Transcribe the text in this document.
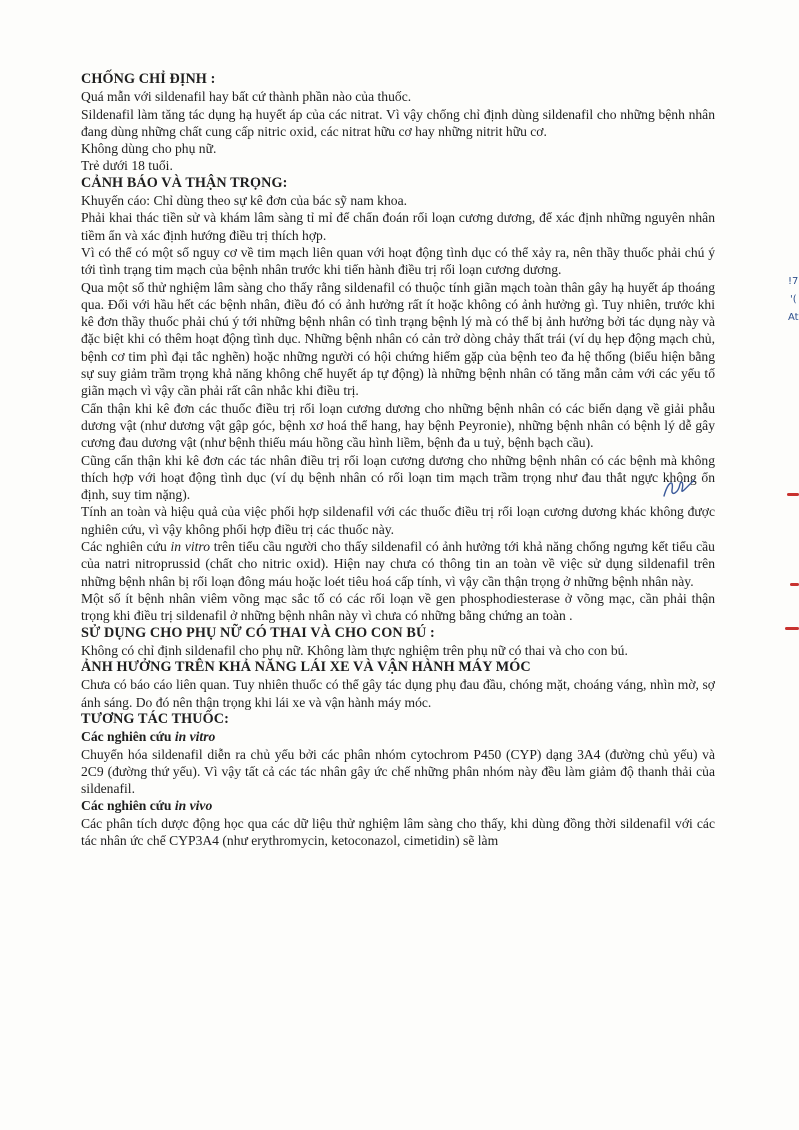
CHỐNG CHỈ ĐỊNH :

Quá mẫn với sildenafil hay bất cứ thành phần nào của thuốc.

Sildenafil làm tăng tác dụng hạ huyết áp của các nitrat. Vì vậy chống chỉ định dùng sildenafil cho những bệnh nhân đang dùng những chất cung cấp nitric oxid, các nitrat hữu cơ hay những nitrit hữu cơ.

Không dùng cho phụ nữ.

Trẻ dưới 18 tuổi.

CẢNH BÁO VÀ THẬN TRỌNG:

Khuyến cáo: Chỉ dùng theo sự kê đơn của bác sỹ nam khoa.

Phải khai thác tiền sử và khám lâm sàng tỉ mỉ để chẩn đoán rối loạn cương dương, để xác định những nguyên nhân tiềm ẩn và xác định hướng điều trị thích hợp.

Vì có thể có một số nguy cơ về tim mạch liên quan với hoạt động tình dục có thể xảy ra, nên thầy thuốc phải chú ý tới tình trạng tim mạch của bệnh nhân trước khi tiến hành điều trị rối loạn cương dương.

Qua một số thử nghiệm lâm sàng cho thấy rằng sildenafil có thuộc tính giãn mạch toàn thân gây hạ huyết áp thoáng qua. Đối với hầu hết các bệnh nhân, điều đó có ảnh hưởng rất ít hoặc không có ảnh hưởng gì. Tuy nhiên, trước khi kê đơn thầy thuốc phải chú ý tới những bệnh nhân có tình trạng bệnh lý mà có thể bị ảnh hưởng bởi tác dụng này và đặc biệt khi có thêm hoạt động tình dục. Những bệnh nhân có cản trở dòng chảy thất trái (ví dụ hẹp động mạch chủ, bệnh cơ tim phì đại tắc nghẽn) hoặc những người có hội chứng hiếm gặp của bệnh teo đa hệ thống (biểu hiện bằng sự suy giảm trầm trọng khả năng không chế huyết áp tự động) là những bệnh nhân có tăng mẫn cảm với các yếu tố giãn mạch vì vậy cần phải rất cân nhắc khi điều trị.

Cẩn thận khi kê đơn các thuốc điều trị rối loạn cương dương cho những bệnh nhân có các biến dạng về giải phẫu dương vật (như dương vật gập góc, bệnh xơ hoá thể hang, hay bệnh Peyronie), những bệnh nhân có bệnh lý dễ gây cương đau dương vật (như bệnh thiếu máu hồng cầu hình liềm, bệnh đa u tuỷ, bệnh bạch cầu).

Cũng cẩn thận khi kê đơn các tác nhân điều trị rối loạn cương dương cho những bệnh nhân có các bệnh mà không thích hợp với hoạt động tình dục (ví dụ bệnh nhân có rối loạn tim mạch trầm trọng như đau thắt ngực không ổn định, suy tim nặng).

Tính an toàn và hiệu quả của việc phối hợp sildenafil với các thuốc điều trị rối loạn cương dương khác không được nghiên cứu, vì vậy không phối hợp điều trị các thuốc này.

Các nghiên cứu in vitro trên tiểu cầu người cho thấy sildenafil có ảnh hưởng tới khả năng chống ngưng kết tiểu cầu của natri nitroprussid (chất cho nitric oxid). Hiện nay chưa có thông tin an toàn về việc sử dụng sildenafil trên những bệnh nhân bị rối loạn đông máu hoặc loét tiêu hoá cấp tính, vì vậy cần thận trọng ở những bệnh nhân này.

Một số ít bệnh nhân viêm võng mạc sắc tố có các rối loạn về gen phosphodiesterase ở võng mạc, cần phải thận trọng khi điều trị sildenafil ở những bệnh nhân này vì chưa có những bằng chứng an toàn .

SỬ DỤNG CHO PHỤ NỮ CÓ THAI VÀ CHO CON BÚ :

Không có chỉ định sildenafil cho phụ nữ. Không làm thực nghiệm trên phụ nữ có thai và cho con bú.

ẢNH HƯỞNG TRÊN KHẢ NĂNG LÁI XE VÀ VẬN HÀNH MÁY MÓC

Chưa có báo cáo liên quan. Tuy nhiên thuốc có thể gây tác dụng phụ đau đầu, chóng mặt, choáng váng, nhìn mờ, sợ ánh sáng. Do đó nên thận trọng khi lái xe và vận hành máy móc.

TƯƠNG TÁC THUỐC:

Các nghiên cứu in vitro

Chuyển hóa sildenafil diễn ra chủ yếu bởi các phân nhóm cytochrom P450 (CYP) dạng 3A4 (đường chủ yếu) và 2C9 (đường thứ yếu). Vì vậy tất cả các tác nhân gây ức chế những phân nhóm này đều làm giảm độ thanh thải của sildenafil.

Các nghiên cứu in vivo

Các phân tích dược động học qua các dữ liệu thử nghiệm lâm sàng cho thấy, khi dùng đồng thời sildenafil với các tác nhân ức chế CYP3A4 (như erythromycin, ketoconazol, cimetidin) sẽ làm

!7
'(
At
